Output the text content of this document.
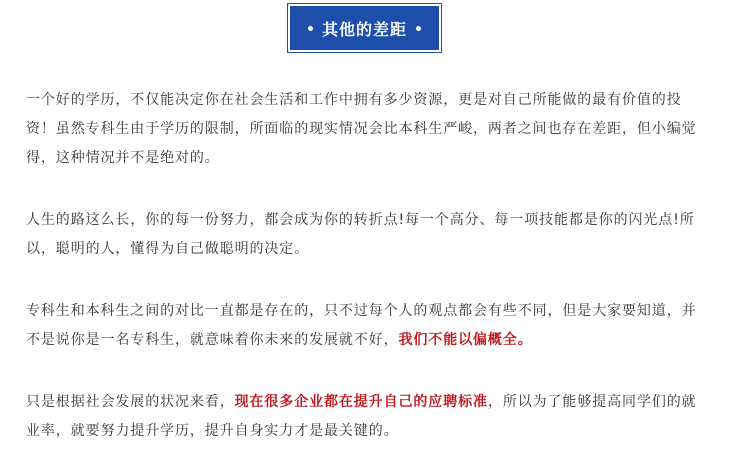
其他的差距

一个好的学历，不仅能决定你在社会生活和工作中拥有多少资源，更是对自己所能做的最有价值的投资！虽然专科生由于学历的限制，所面临的现实情况会比本科生严峻，两者之间也存在差距，但小编觉得，这种情况并不是绝对的。

人生的路这么长，你的每一份努力，都会成为你的转折点!每一个高分、每一项技能都是你的闪光点!所以，聪明的人，懂得为自己做聪明的决定。

专科生和本科生之间的对比一直都是存在的，只不过每个人的观点都会有些不同，但是大家要知道，并不是说你是一名专科生，就意味着你未来的发展就不好，我们不能以偏概全。

只是根据社会发展的状况来看，现在很多企业都在提升自己的应聘标准，所以为了能够提高同学们的就业率，就要努力提升学历，提升自身实力才是最关键的。
